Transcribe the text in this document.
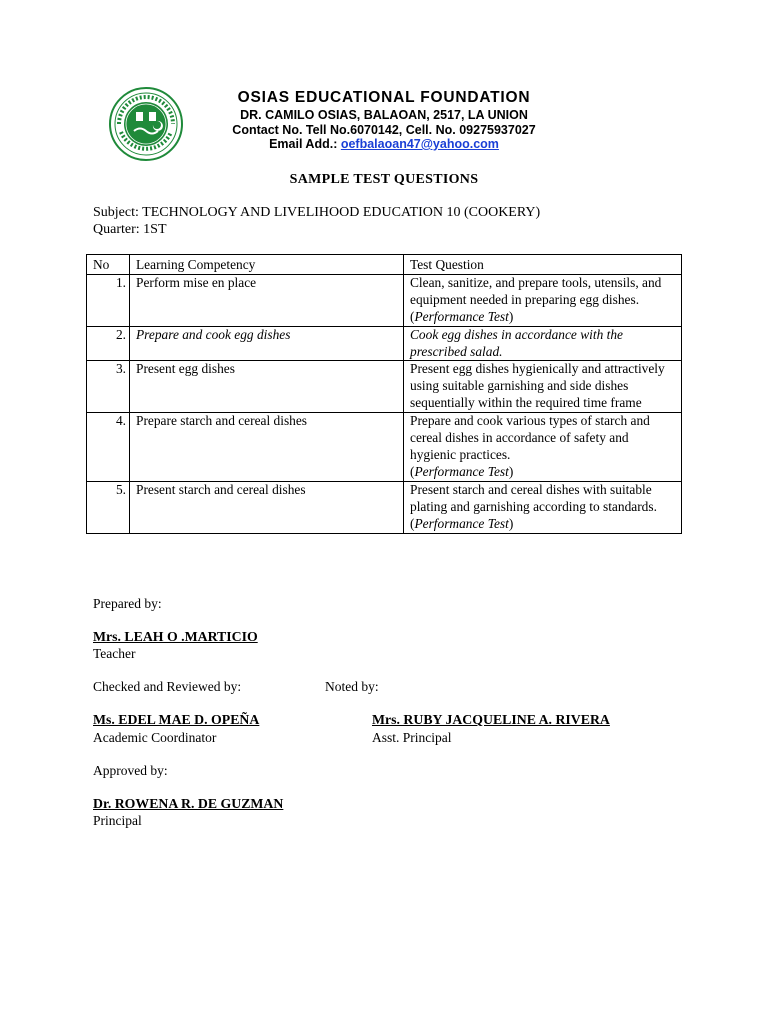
OSIAS EDUCATIONAL FOUNDATION
DR. CAMILO OSIAS, BALAOAN, 2517, LA UNION
Contact No. Tell No.6070142, Cell. No. 09275937027
Email Add.: oefbalaoan47@yahoo.com
SAMPLE TEST QUESTIONS
Subject: TECHNOLOGY AND LIVELIHOOD EDUCATION 10 (COOKERY)
Quarter: 1ST
No	Learning Competency	Test Question
1.	Perform mise en place	Clean, sanitize, and prepare tools, utensils, and equipment needed in preparing egg dishes.
(Performance Test)
2.	Prepare and cook egg dishes	Cook egg dishes in accordance with the prescribed salad.
3.	Present egg dishes	Present egg dishes hygienically and attractively using suitable garnishing and side dishes sequentially within the required time frame
4.	Prepare starch and cereal dishes	Prepare and cook various types of starch and cereal dishes in accordance of safety and hygienic practices.
(Performance Test)
5.	Present starch and cereal dishes	Present starch and cereal dishes with suitable plating and garnishing according to standards.
(Performance Test)
Prepared by:
Mrs. LEAH O .MARTICIO
Teacher
Checked and Reviewed by:	Noted by:
Ms. EDEL MAE D. OPEÑA
Academic Coordinator
Mrs. RUBY JACQUELINE A. RIVERA
Asst. Principal
Approved by:
Dr. ROWENA R. DE GUZMAN
Principal
